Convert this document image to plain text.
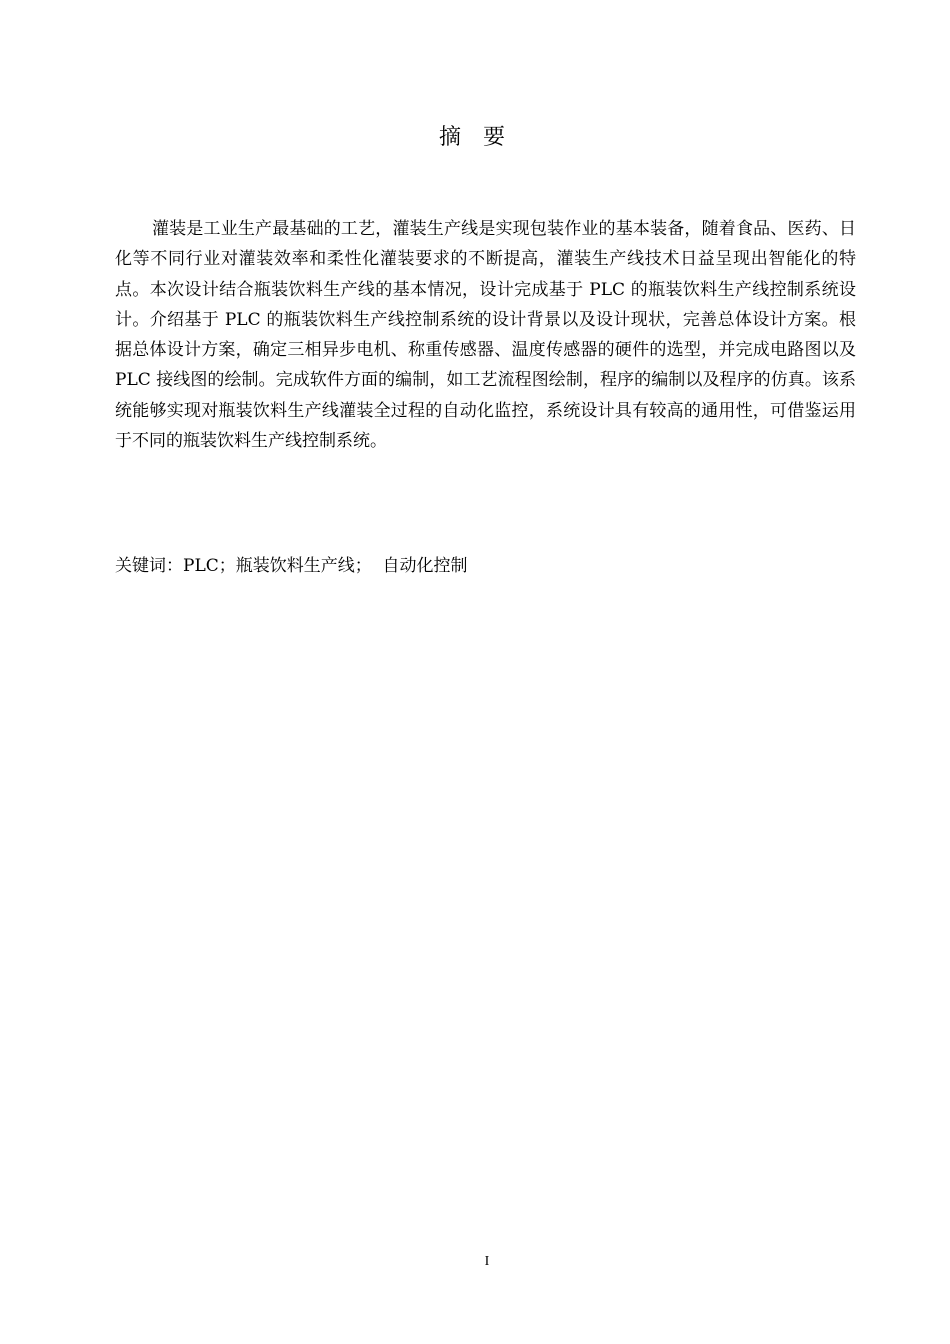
摘要

灌装是工业生产最基础的工艺，灌装生产线是实现包装作业的基本装备，随着食品、医药、日化等不同行业对灌装效率和柔性化灌装要求的不断提高，灌装生产线技术日益呈现出智能化的特点。本次设计结合瓶装饮料生产线的基本情况，设计完成基于 PLC 的瓶装饮料生产线控制系统设计。介绍基于 PLC 的瓶装饮料生产线控制系统的设计背景以及设计现状，完善总体设计方案。根据总体设计方案，确定三相异步电机、称重传感器、温度传感器的硬件的选型，并完成电路图以及 PLC 接线图的绘制。完成软件方面的编制，如工艺流程图绘制，程序的编制以及程序的仿真。该系统能够实现对瓶装饮料生产线灌装全过程的自动化监控，系统设计具有较高的通用性，可借鉴运用于不同的瓶装饮料生产线控制系统。

关键词：PLC；瓶装饮料生产线；  自动化控制
I
